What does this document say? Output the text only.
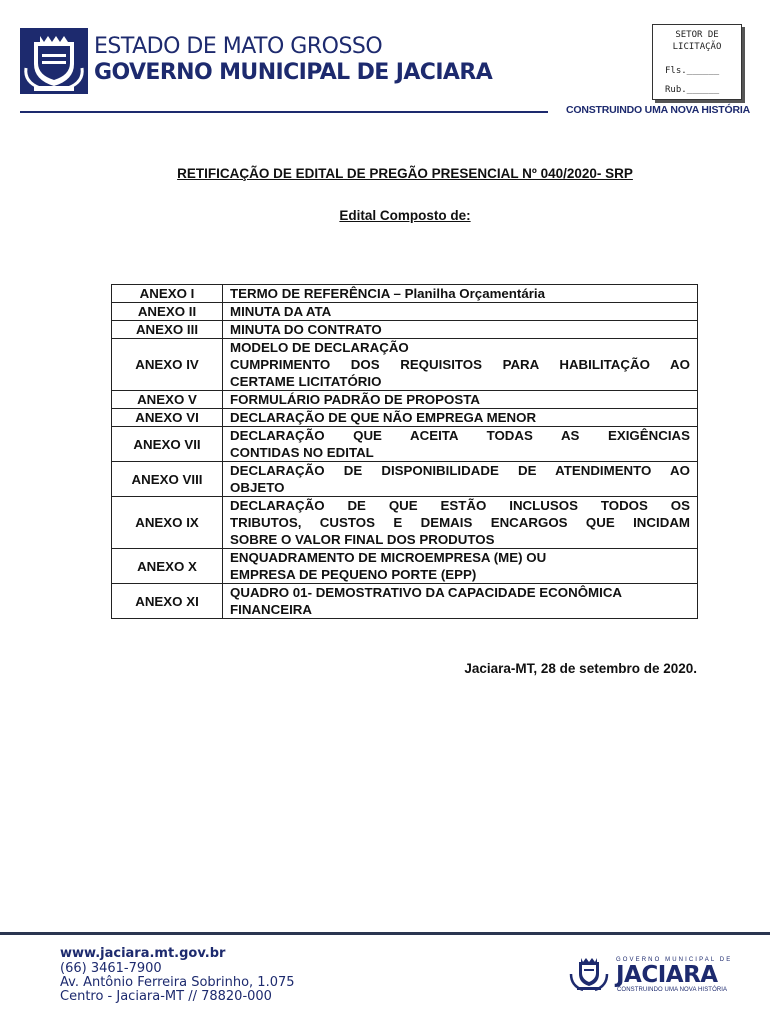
ESTADO DE MATO GROSSO
GOVERNO MUNICIPAL DE JACIARA
CONSTRUINDO UMA NOVA HISTÓRIA
SETOR DE
LICITAÇÃO
Fls.______
Rub.______
RETIFICAÇÃO DE EDITAL DE PREGÃO PRESENCIAL Nº 040/2020- SRP
Edital Composto de:
ANEXO I	TERMO DE REFERÊNCIA – Planilha Orçamentária
ANEXO II	MINUTA DA ATA
ANEXO III	MINUTA DO CONTRATO
ANEXO IV	MODELO DE DECLARAÇÃO
CUMPRIMENTO DOS REQUISITOS PARA HABILITAÇÃO AO
CERTAME LICITATÓRIO
ANEXO V	FORMULÁRIO PADRÃO DE PROPOSTA
ANEXO VI	DECLARAÇÃO DE QUE NÃO EMPREGA MENOR
ANEXO VII	DECLARAÇÃO QUE ACEITA TODAS AS EXIGÊNCIAS
CONTIDAS NO EDITAL
ANEXO VIII	DECLARAÇÃO DE DISPONIBILIDADE DE ATENDIMENTO AO
OBJETO
ANEXO IX	DECLARAÇÃO DE QUE ESTÃO INCLUSOS TODOS OS
TRIBUTOS, CUSTOS E DEMAIS ENCARGOS QUE INCIDAM
SOBRE O VALOR FINAL DOS PRODUTOS
ANEXO X	ENQUADRAMENTO DE MICROEMPRESA (ME) OU
EMPRESA DE PEQUENO PORTE (EPP)
ANEXO XI	QUADRO 01- DEMOSTRATIVO DA CAPACIDADE ECONÔMICA
FINANCEIRA
Jaciara-MT, 28 de setembro de 2020.
www.jaciara.mt.gov.br
(66) 3461-7900
Av. Antônio Ferreira Sobrinho, 1.075
Centro - Jaciara-MT // 78820-000
GOVERNO MUNICIPAL DE
JACIARA
CONSTRUINDO UMA NOVA HISTÓRIA
